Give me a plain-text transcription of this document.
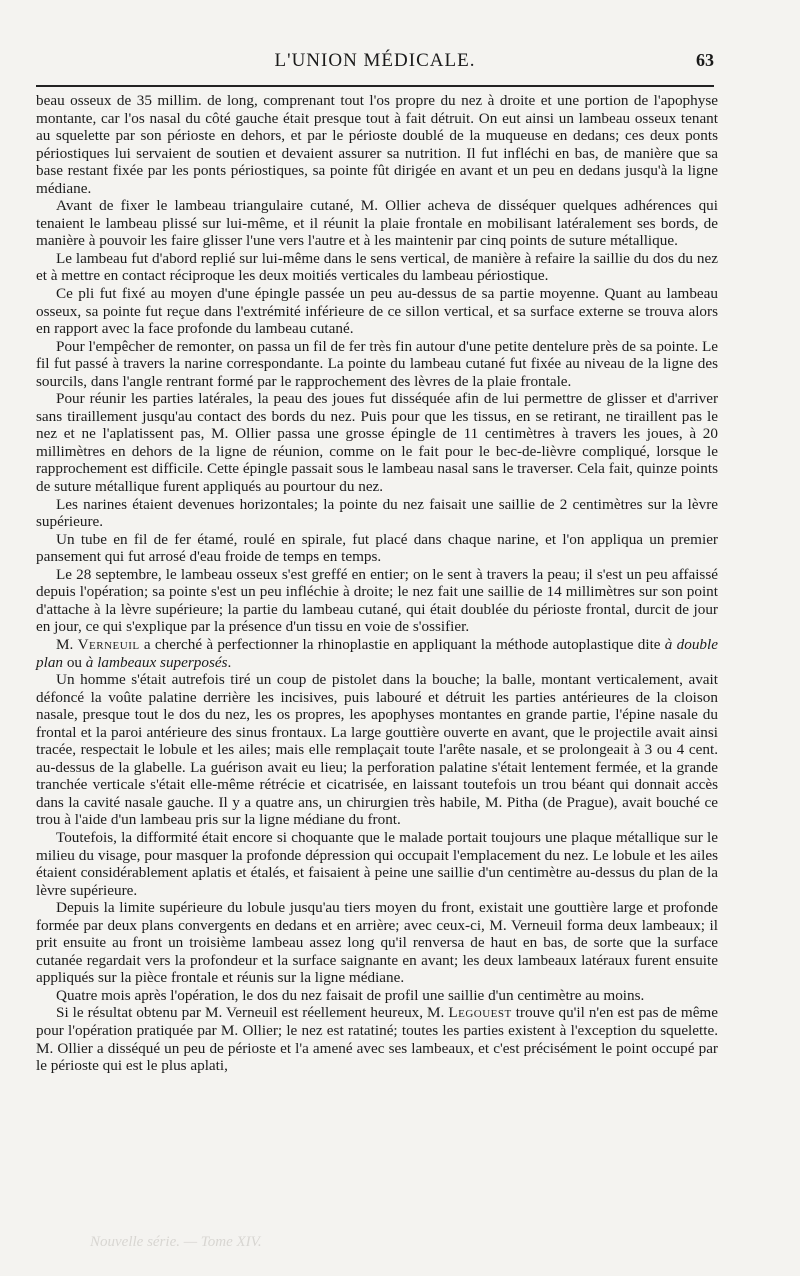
L'UNION MÉDICALE.	63

beau osseux de 35 millim. de long, comprenant tout l'os propre du nez à droite et une portion de l'apophyse montante, car l'os nasal du côté gauche était presque tout à fait détruit. On eut ainsi un lambeau osseux tenant au squelette par son périoste en dehors, et par le périoste doublé de la muqueuse en dedans; ces deux ponts périostiques lui servaient de soutien et devaient assurer sa nutrition. Il fut infléchi en bas, de manière que sa base restant fixée par les ponts périostiques, sa pointe fût dirigée en avant et un peu en dedans jusqu'à la ligne médiane.

Avant de fixer le lambeau triangulaire cutané, M. Ollier acheva de disséquer quelques adhérences qui tenaient le lambeau plissé sur lui-même, et il réunit la plaie frontale en mobilisant latéralement ses bords, de manière à pouvoir les faire glisser l'une vers l'autre et à les maintenir par cinq points de suture métallique.

Le lambeau fut d'abord replié sur lui-même dans le sens vertical, de manière à refaire la saillie du dos du nez et à mettre en contact réciproque les deux moitiés verticales du lambeau périostique.

Ce pli fut fixé au moyen d'une épingle passée un peu au-dessus de sa partie moyenne. Quant au lambeau osseux, sa pointe fut reçue dans l'extrémité inférieure de ce sillon vertical, et sa surface externe se trouva alors en rapport avec la face profonde du lambeau cutané.

Pour l'empêcher de remonter, on passa un fil de fer très fin autour d'une petite dentelure près de sa pointe. Le fil fut passé à travers la narine correspondante. La pointe du lambeau cutané fut fixée au niveau de la ligne des sourcils, dans l'angle rentrant formé par le rapprochement des lèvres de la plaie frontale.

Pour réunir les parties latérales, la peau des joues fut disséquée afin de lui permettre de glisser et d'arriver sans tiraillement jusqu'au contact des bords du nez. Puis pour que les tissus, en se retirant, ne tiraillent pas le nez et ne l'aplatissent pas, M. Ollier passa une grosse épingle de 11 centimètres à travers les joues, à 20 millimètres en dehors de la ligne de réunion, comme on le fait pour le bec-de-lièvre compliqué, lorsque le rapprochement est difficile. Cette épingle passait sous le lambeau nasal sans le traverser. Cela fait, quinze points de suture métallique furent appliqués au pourtour du nez.

Les narines étaient devenues horizontales; la pointe du nez faisait une saillie de 2 centimètres sur la lèvre supérieure.

Un tube en fil de fer étamé, roulé en spirale, fut placé dans chaque narine, et l'on appliqua un premier pansement qui fut arrosé d'eau froide de temps en temps.

Le 28 septembre, le lambeau osseux s'est greffé en entier; on le sent à travers la peau; il s'est un peu affaissé depuis l'opération; sa pointe s'est un peu infléchie à droite; le nez fait une saillie de 14 millimètres sur son point d'attache à la lèvre supérieure; la partie du lambeau cutané, qui était doublée du périoste frontal, durcit de jour en jour, ce qui s'explique par la présence d'un tissu en voie de s'ossifier.

M. Verneuil a cherché à perfectionner la rhinoplastie en appliquant la méthode autoplastique dite à double plan ou à lambeaux superposés.

Un homme s'était autrefois tiré un coup de pistolet dans la bouche; la balle, montant verticalement, avait défoncé la voûte palatine derrière les incisives, puis labouré et détruit les parties antérieures de la cloison nasale, presque tout le dos du nez, les os propres, les apophyses montantes en grande partie, l'épine nasale du frontal et la paroi antérieure des sinus frontaux. La large gouttière ouverte en avant, que le projectile avait ainsi tracée, respectait le lobule et les ailes; mais elle remplaçait toute l'arête nasale, et se prolongeait à 3 ou 4 cent. au-dessus de la glabelle. La guérison avait eu lieu; la perforation palatine s'était lentement fermée, et la grande tranchée verticale s'était elle-même rétrécie et cicatrisée, en laissant toutefois un trou béant qui donnait accès dans la cavité nasale gauche. Il y a quatre ans, un chirurgien très habile, M. Pitha (de Prague), avait bouché ce trou à l'aide d'un lambeau pris sur la ligne médiane du front.

Toutefois, la difformité était encore si choquante que le malade portait toujours une plaque métallique sur le milieu du visage, pour masquer la profonde dépression qui occupait l'emplacement du nez. Le lobule et les ailes étaient considérablement aplatis et étalés, et faisaient à peine une saillie d'un centimètre au-dessus du plan de la lèvre supérieure.

Depuis la limite supérieure du lobule jusqu'au tiers moyen du front, existait une gouttière large et profonde formée par deux plans convergents en dedans et en arrière; avec ceux-ci, M. Verneuil forma deux lambeaux; il prit ensuite au front un troisième lambeau assez long qu'il renversa de haut en bas, de sorte que la surface cutanée regardait vers la profondeur et la surface saignante en avant; les deux lambeaux latéraux furent ensuite appliqués sur la pièce frontale et réunis sur la ligne médiane.

Quatre mois après l'opération, le dos du nez faisait de profil une saillie d'un centimètre au moins.

Si le résultat obtenu par M. Verneuil est réellement heureux, M. Legouest trouve qu'il n'en est pas de même pour l'opération pratiquée par M. Ollier; le nez est ratatiné; toutes les parties existent à l'exception du squelette. M. Ollier a disséqué un peu de périoste et l'a amené avec ses lambeaux, et c'est précisément le point occupé par le périoste qui est le plus aplati,

Nouvelle série. — Tome XIV.
